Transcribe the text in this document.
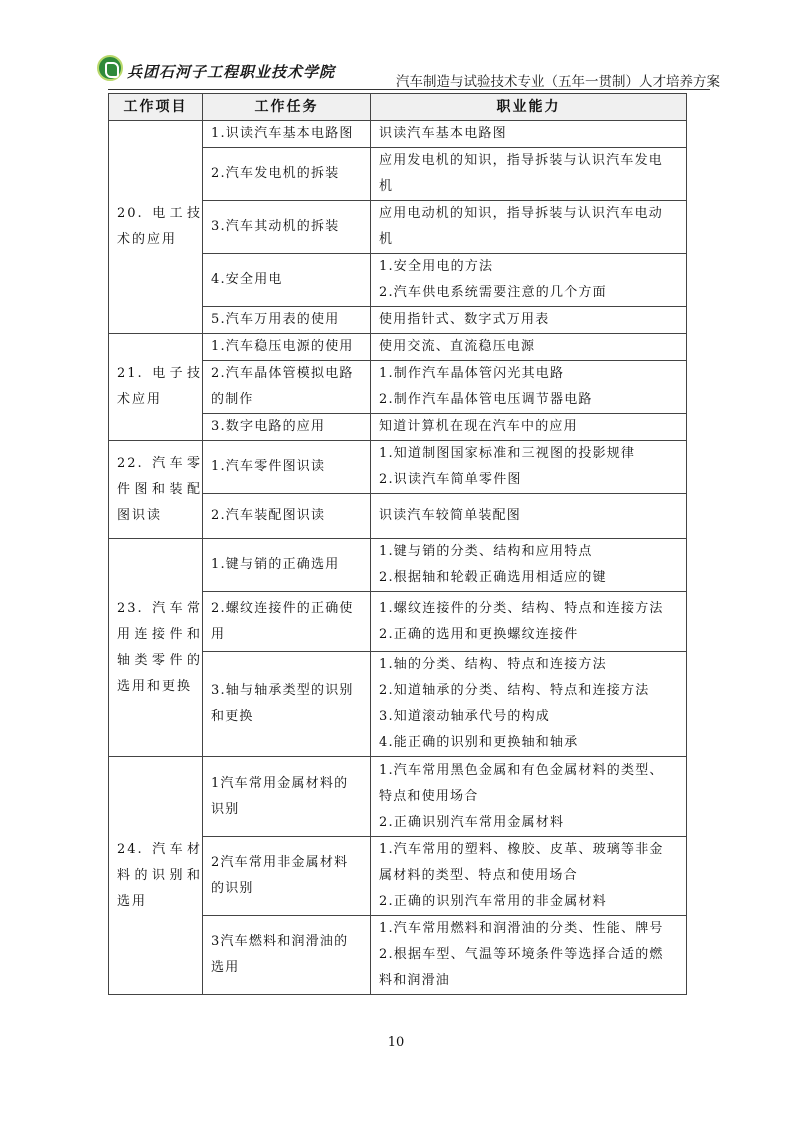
兵团石河子工程职业技术学院
汽车制造与试验技术专业（五年一贯制）人才培养方案
工作项目	工作任务	职业能力
20. 电工技术的应用	1.识读汽车基本电路图	识读汽车基本电路图

	2.汽车发电机的拆装	应用发电机的知识，指导拆装与认识汽车发电
机

	3.汽车其动机的拆装	应用电动机的知识，指导拆装与认识汽车电动
机

	4.安全用电	1.安全用电的方法
2.汽车供电系统需要注意的几个方面

	5.汽车万用表的使用	使用指针式、数字式万用表

21. 电子技术应用	1.汽车稳压电源的使用	使用交流、直流稳压电源

	2.汽车晶体管模拟电路
的制作	1.制作汽车晶体管闪光其电路
2.制作汽车晶体管电压调节器电路

	3.数字电路的应用	知道计算机在现在汽车中的应用

22. 汽车零件图和装配图识读	1.汽车零件图识读	1.知道制图国家标准和三视图的投影规律
2.识读汽车简单零件图

	2.汽车装配图识读	识读汽车较简单装配图

23. 汽车常用连接件和轴类零件的选用和更换	1.键与销的正确选用	1.键与销的分类、结构和应用特点
2.根据轴和轮毂正确选用相适应的键

	2.螺纹连接件的正确使
用	1.螺纹连接件的分类、结构、特点和连接方法
2.正确的选用和更换螺纹连接件

	3.轴与轴承类型的识别
和更换	1.轴的分类、结构、特点和连接方法
2.知道轴承的分类、结构、特点和连接方法
3.知道滚动轴承代号的构成
4.能正确的识别和更换轴和轴承

24. 汽车材料的识别和选用	1汽车常用金属材料的
识别	1.汽车常用黑色金属和有色金属材料的类型、
特点和使用场合
2.正确识别汽车常用金属材料

	2汽车常用非金属材料
的识别	1.汽车常用的塑料、橡胶、皮革、玻璃等非金
属材料的类型、特点和使用场合
2.正确的识别汽车常用的非金属材料

	3汽车燃料和润滑油的
选用	1.汽车常用燃料和润滑油的分类、性能、牌号
2.根据车型、气温等环境条件等选择合适的燃
料和润滑油
10
